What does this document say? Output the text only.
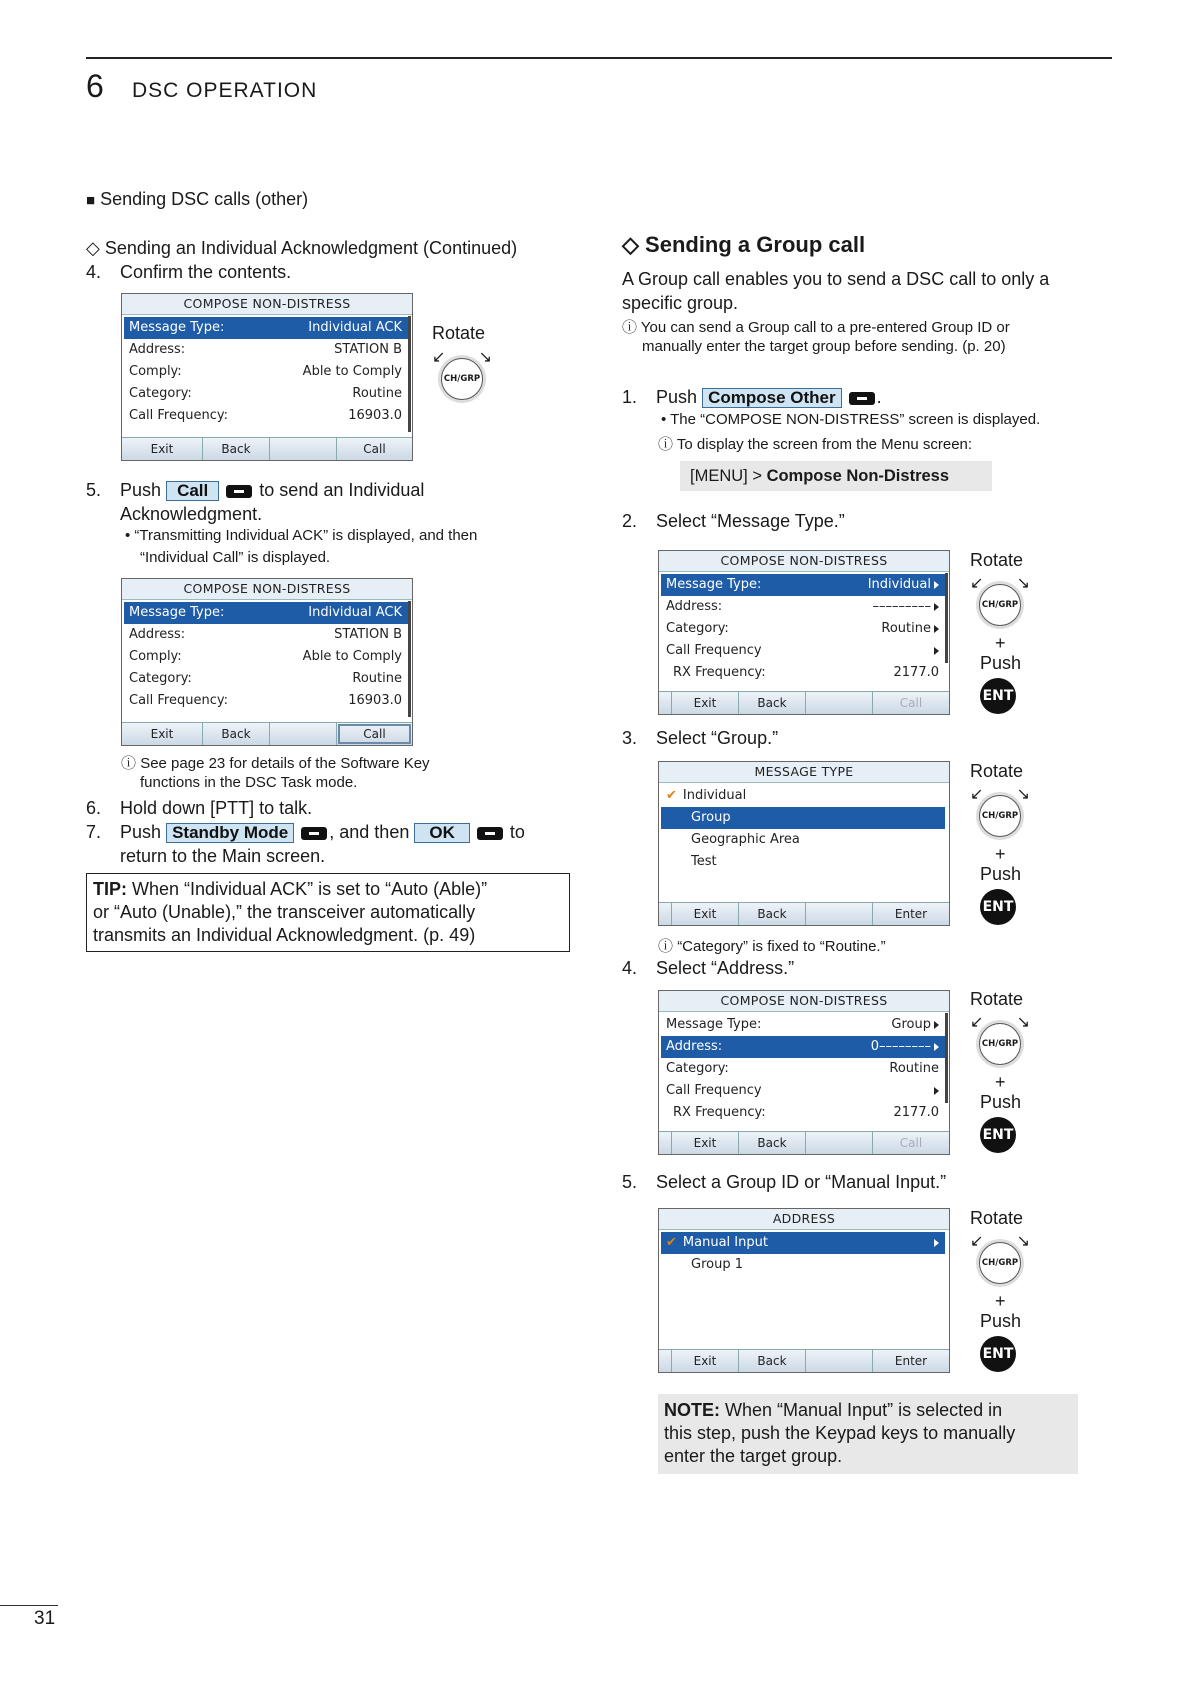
6 DSC OPERATION
■ Sending DSC calls (other)
◇ Sending an Individual Acknowledgment (Continued)
4. Confirm the contents.
COMPOSE NON-DISTRESS
Message Type:	Individual ACK
Address:	STATION B
Comply:	Able to Comply
Category:	Routine
Call Frequency:	16903.0
Exit	Back	Call
Rotate
↙ ↘
CH/GRP
5. Push Call	to send an Individual
Acknowledgment.
• “Transmitting Individual ACK” is displayed, and then
“Individual Call” is displayed.
COMPOSE NON-DISTRESS
Message Type:	Individual ACK
Address:	STATION B
Comply:	Able to Comply
Category:	Routine
Call Frequency:	16903.0
Exit	Back	Call
ⓘ See page 23 for details of the Software Key
functions in the DSC Task mode.
6. Hold down [PTT] to talk.
7. Push Standby Mode , and then OK	to
return to the Main screen.
TIP: When “Individual ACK” is set to “Auto (Able)”
or “Auto (Unable),” the transceiver automatically
transmits an Individual Acknowledgment. (p. 49)
◇ Sending a Group call
A Group call enables you to send a DSC call to only a
specific group.
ⓘ You can send a Group call to a pre-entered Group ID or
manually enter the target group before sending. (p. 20)
1. Push Compose Other .
• The “COMPOSE NON-DISTRESS” screen is displayed.
ⓘ To display the screen from the Menu screen:
[MENU] > Compose Non-Distress
2. Select “Message Type.”
COMPOSE NON-DISTRESS
Message Type:	Individual
Address:	–––––––––
Category:	Routine
Call Frequency
RX Frequency:	2177.0
Exit	Back	Call
Rotate
↙ ↘
CH/GRP
+
Push
ENT
3. Select “Group.”
MESSAGE TYPE
✔ Individual
Group
Geographic Area
Test
Exit	Back	Enter
Rotate
↙ ↘
CH/GRP
+
Push
ENT
ⓘ “Category” is fixed to “Routine.”
4. Select “Address.”
COMPOSE NON-DISTRESS
Message Type:	Group
Address:	0––––––––
Category:	Routine
Call Frequency
RX Frequency:	2177.0
Exit	Back	Call
Rotate
↙ ↘
CH/GRP
+
Push
ENT
5. Select a Group ID or “Manual Input.”
ADDRESS
✔ Manual Input
Group 1
Exit	Back	Enter
Rotate
↙ ↘
CH/GRP
+
Push
ENT
NOTE: When “Manual Input” is selected in
this step, push the Keypad keys to manually
enter the target group.
31
